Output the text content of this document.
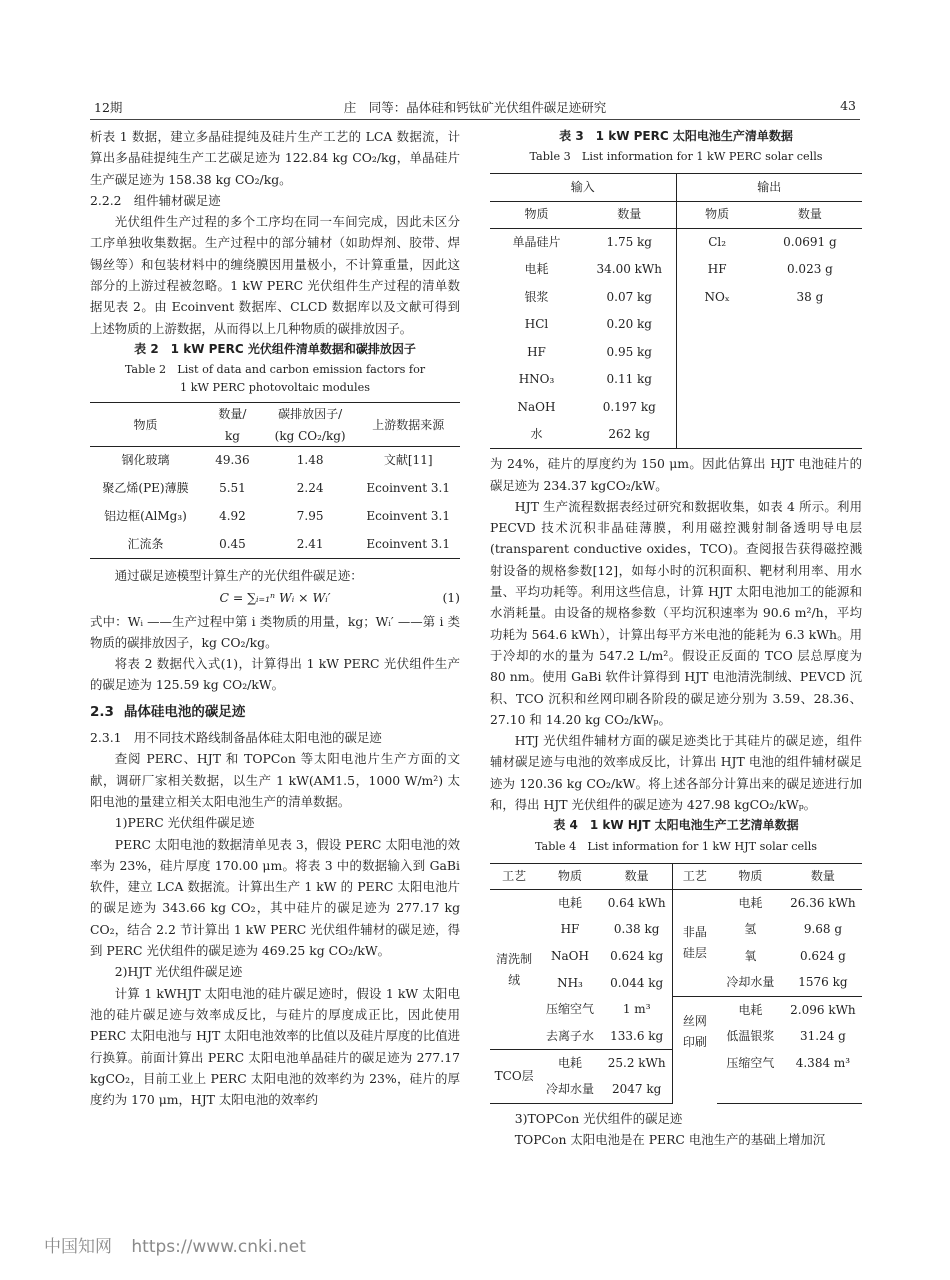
12期	庄　同等：晶体硅和钙钛矿光伏组件碳足迹研究	43
析表 1 数据，建立多晶硅提纯及硅片生产工艺的 LCA 数据流，计算出多晶硅提纯生产工艺碳足迹为 122.84 kg CO₂/kg，单晶硅片生产碳足迹为 158.38 kg CO₂/kg。
2.2.2　组件辅材碳足迹
光伏组件生产过程的多个工序均在同一车间完成，因此未区分工序单独收集数据。生产过程中的部分辅材（如助焊剂、胶带、焊锡丝等）和包装材料中的缠绕膜因用量极小，不计算重量，因此这部分的上游过程被忽略。1 kW PERC 光伏组件生产过程的清单数据见表 2。由 Ecoinvent 数据库、CLCD 数据库以及文献可得到上述物质的上游数据，从而得以上几种物质的碳排放因子。
表 2　1 kW PERC 光伏组件清单数据和碳排放因子
Table 2　List of data and carbon emission factors for
1 kW PERC photovoltaic modules
物质	数量/	碳排放因子/	上游数据来源
	kg	(kg CO₂/kg)	
钢化玻璃	49.36	1.48	文献[11]
聚乙烯(PE)薄膜	5.51	2.24	Ecoinvent 3.1
铝边框(AlMg₃)	4.92	7.95	Ecoinvent 3.1
汇流条	0.45	2.41	Ecoinvent 3.1
通过碳足迹模型计算生产的光伏组件碳足迹：
C = ∑ᵢ₌₁ⁿ Wᵢ × Wᵢ′	(1)
式中：Wᵢ ——生产过程中第 i 类物质的用量，kg；Wᵢ′ ——第 i 类物质的碳排放因子，kg CO₂/kg。
将表 2 数据代入式(1)，计算得出 1 kW PERC 光伏组件生产的碳足迹为 125.59 kg CO₂/kW。
2.3 晶体硅电池的碳足迹
2.3.1　用不同技术路线制备晶体硅太阳电池的碳足迹
查阅 PERC、HJT 和 TOPCon 等太阳电池片生产方面的文献，调研厂家相关数据，以生产 1 kW(AM1.5，1000 W/m²) 太阳电池的量建立相关太阳电池生产的清单数据。
1)PERC 光伏组件碳足迹
PERC 太阳电池的数据清单见表 3，假设 PERC 太阳电池的效率为 23%，硅片厚度 170.00 μm。将表 3 中的数据输入到 GaBi 软件，建立 LCA 数据流。计算出生产 1 kW 的 PERC 太阳电池片的碳足迹为 343.66 kg CO₂，其中硅片的碳足迹为 277.17 kg CO₂，结合 2.2 节计算出 1 kW PERC 光伏组件辅材的碳足迹，得到 PERC 光伏组件的碳足迹为 469.25 kg CO₂/kW。
2)HJT 光伏组件碳足迹
计算 1 kWHJT 太阳电池的硅片碳足迹时，假设 1 kW 太阳电池的硅片碳足迹与效率成反比，与硅片的厚度成正比，因此使用 PERC 太阳电池与 HJT 太阳电池效率的比值以及硅片厚度的比值进行换算。前面计算出 PERC 太阳电池单晶硅片的碳足迹为 277.17 kgCO₂，目前工业上 PERC 太阳电池的效率约为 23%，硅片的厚度约为 170 μm，HJT 太阳电池的效率约
表 3　1 kW PERC 太阳电池生产清单数据
Table 3　List information for 1 kW PERC solar cells
输入		输出	
物质	数量	物质	数量
单晶硅片	1.75 kg	Cl₂	0.0691 g
电耗	34.00 kWh	HF	0.023 g
银浆	0.07 kg	NOₓ	38 g
HCl	0.20 kg		
HF	0.95 kg		
HNO₃	0.11 kg		
NaOH	0.197 kg		
水	262 kg		
为 24%，硅片的厚度约为 150 μm。因此估算出 HJT 电池硅片的碳足迹为 234.37 kgCO₂/kW。
HJT 生产流程数据表经过研究和数据收集，如表 4 所示。利用 PECVD 技术沉积非晶硅薄膜，利用磁控溅射制备透明导电层(transparent conductive oxides，TCO)。查阅报告获得磁控溅射设备的规格参数[12]，如每小时的沉积面积、靶材利用率、用水量、平均功耗等。利用这些信息，计算 HJT 太阳电池加工的能源和水消耗量。由设备的规格参数（平均沉积速率为 90.6 m²/h，平均功耗为 564.6 kWh），计算出每平方米电池的能耗为 6.3 kWh。用于冷却的水的量为 547.2 L/m²。假设正反面的 TCO 层总厚度为 80 nm。使用 GaBi 软件计算得到 HJT 电池清洗制绒、PEVCD 沉积、TCO 沉积和丝网印刷各阶段的碳足迹分别为 3.59、28.36、27.10 和 14.20 kg CO₂/kWₚ。
HTJ 光伏组件辅材方面的碳足迹类比于其硅片的碳足迹，组件辅材碳足迹与电池的效率成反比，计算出 HJT 电池的组件辅材碳足迹为 120.36 kg CO₂/kW。将上述各部分计算出来的碳足迹进行加和，得出 HJT 光伏组件的碳足迹为 427.98 kgCO₂/kWₚ。
表 4　1 kW HJT 太阳电池生产工艺清单数据
Table 4　List information for 1 kW HJT solar cells
工艺	物质	数量	工艺	物质	数量
清洗制绒	电耗	0.64 kWh	非晶硅层	电耗	26.36 kWh
	HF	0.38 kg		氢	9.68 g
	NaOH	0.624 kg		氧	0.624 g
	NH₃	0.044 kg		冷却水量	1576 kg
	压缩空气	1 m³	丝网印刷	电耗	2.096 kWh
	去离子水	133.6 kg		低温银浆	31.24 g
TCO层	电耗	25.2 kWh		压缩空气	4.384 m³
	冷却水量	2047 kg			
3)TOPCon 光伏组件的碳足迹
TOPCon 太阳电池是在 PERC 电池生产的基础上增加沉
中国知网 https://www.cnki.net
